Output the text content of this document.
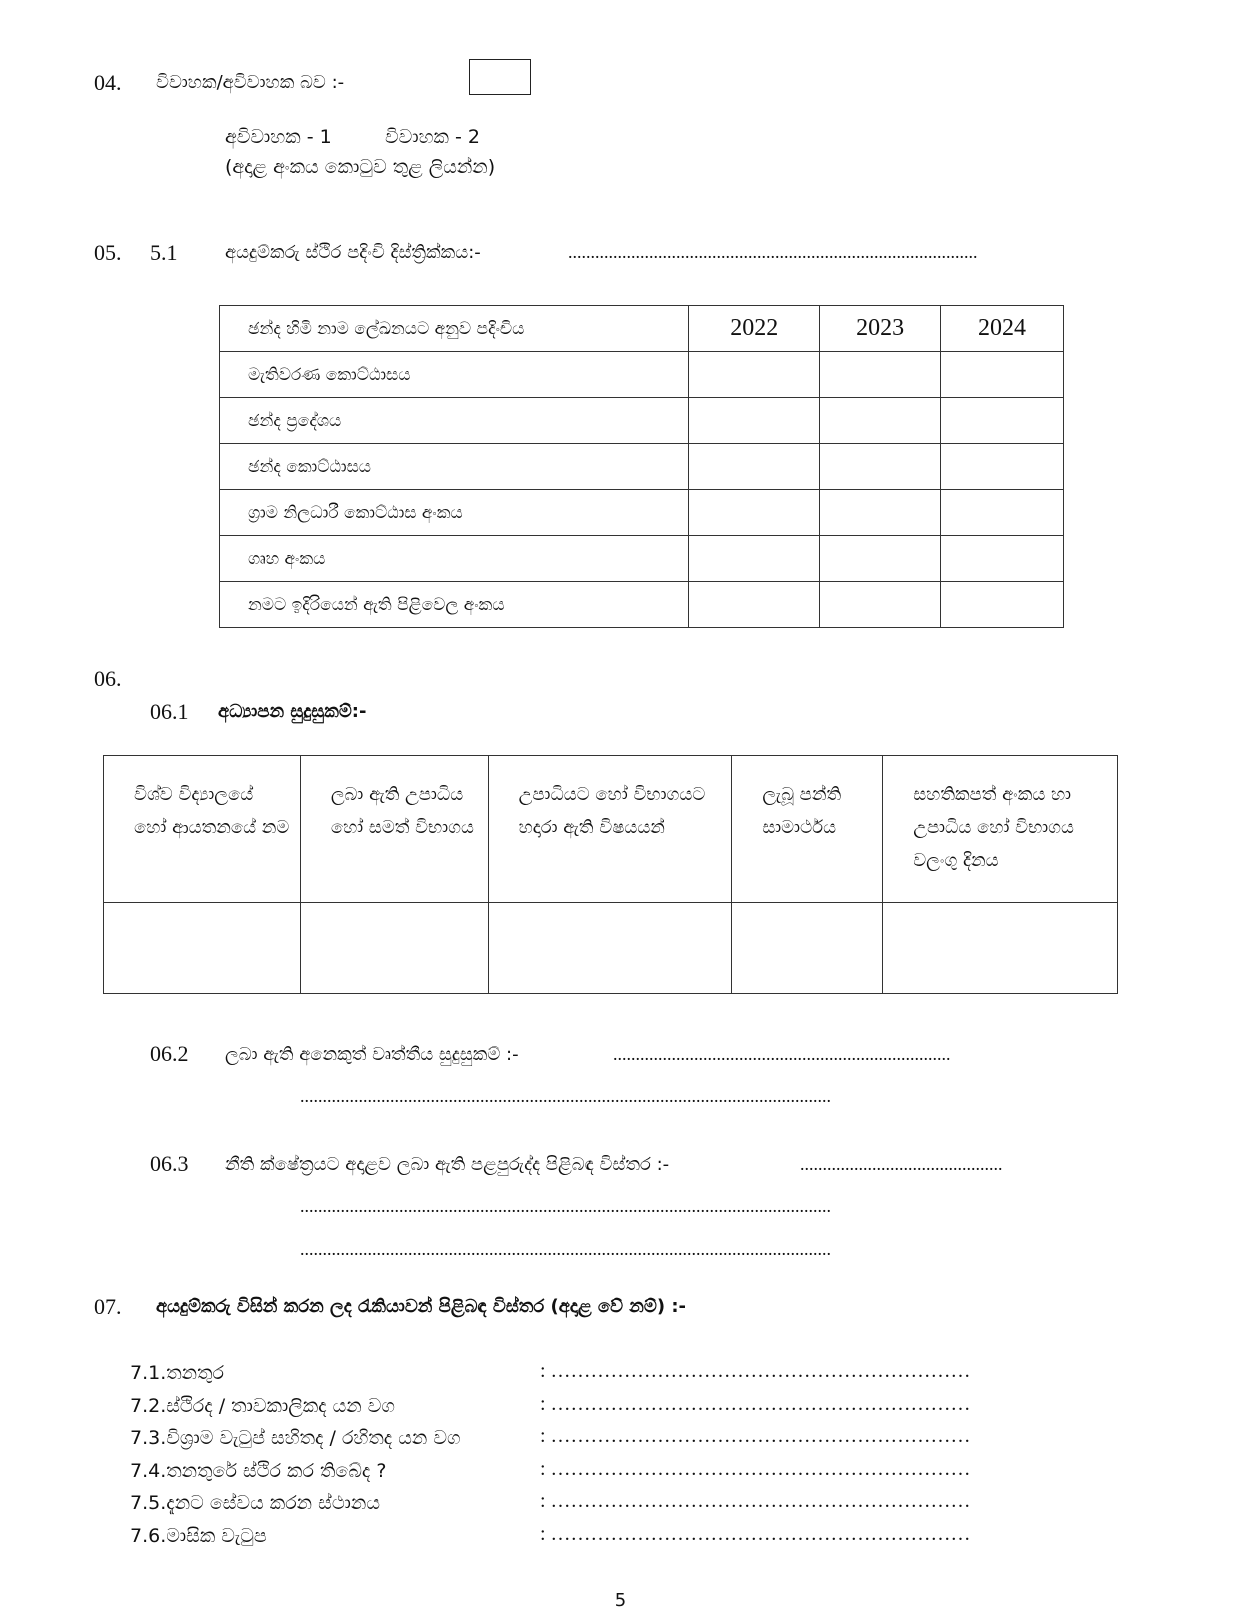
04. විවාහක/අවිවාහක බව :-
අවිවාහක - 1	විවාහක - 2
(අදාළ අංකය කොටුව තුළ ලියන්න)
05. 5.1	අයදුම්කරු ස්ථිර පදිංචි දිස්ත්‍රික්කය:-	...........................................................................................
ඡන්ද හිමි නාම ලේඛනයට අනුව පදිංචිය	2022	2023	2024
මැතිවරණ කොට්ඨාසය			
ඡන්ද ප්‍රදේශය			
ඡන්ද කොට්ඨාසය			
ග්‍රාම නිලධාරී කොට්ඨාස අංකය			
ගෘහ අංකය			
නමට ඉදිරියෙන් ඇති පිළිවෙල අංකය			
06.
06.1 අධ්‍යාපන සුදුසුකම්:-
විශ්ව විද්‍යාලයේ හෝ ආයතනයේ නම	ලබා ඇති උපාධිය හෝ සමත් විභාගය	උපාධියට හෝ විභාගයට හදාරා ඇති විෂයයන්	ලැබූ පන්ති සාමාර්ථය	සහතිකපත් අංකය හා උපාධිය හෝ විභාගය වලංගු දිනය

06.2 ලබා ඇති අනෙකුත් වෘත්තීය සුදුසුකම් :-	...........................................................................
......................................................................................................................
06.3 නීති ක්ෂේත්‍රයට අදාළව ලබා ඇති පළපුරුද්ද පිළිබඳ විස්තර :-	.............................................
......................................................................................................................
......................................................................................................................
07. අයදුම්කරු විසින් කරන ලද රැකියාවන් පිළිබඳ විස්තර (අදාළ වේ නම්) :-
7.1.තනතුර	: ………………………………………………………
7.2.ස්ථිරද / තාවකාලිකද යන වග	: ………………………………………………………
7.3.විශ්‍රාම වැටුප් සහිතද / රහිතද යන වග	: ………………………………………………………
7.4.තනතුරේ ස්ථිර කර තිබේද ?	: ………………………………………………………
7.5.දැනට සේවය කරන ස්ථානය	: ………………………………………………………
7.6.මාසික වැටුප	: ………………………………………………………
5
